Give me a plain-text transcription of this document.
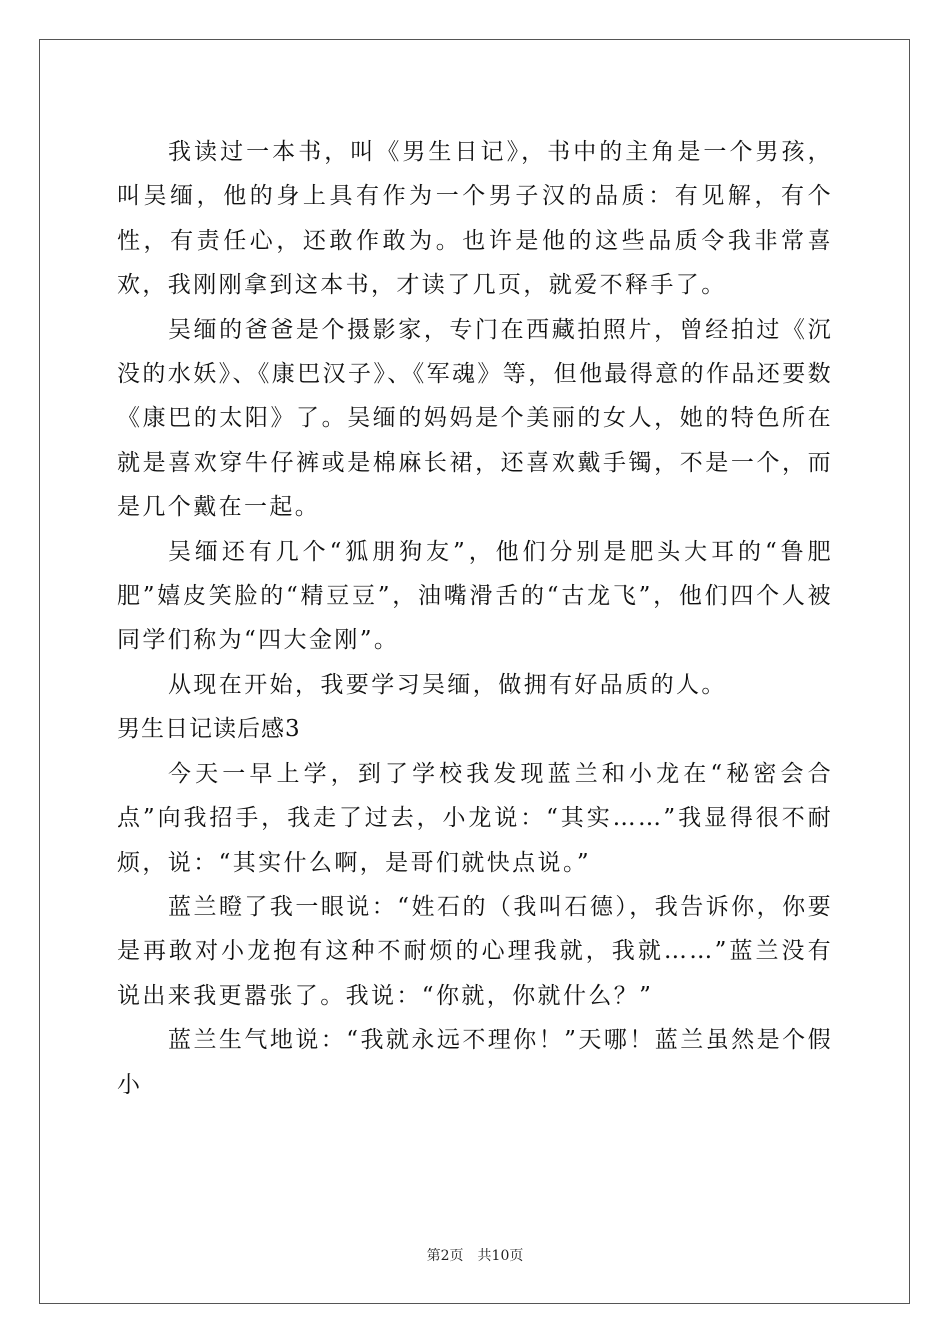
我读过一本书，叫《男生日记》，书中的主角是一个男孩，叫吴缅，他的身上具有作为一个男子汉的品质：有见解，有个性，有责任心，还敢作敢为。也许是他的这些品质令我非常喜欢，我刚刚拿到这本书，才读了几页，就爱不释手了。

吴缅的爸爸是个摄影家，专门在西藏拍照片，曾经拍过《沉没的水妖》、《康巴汉子》、《军魂》等，但他最得意的作品还要数《康巴的太阳》了。吴缅的妈妈是个美丽的女人，她的特色所在就是喜欢穿牛仔裤或是棉麻长裙，还喜欢戴手镯，不是一个，而是几个戴在一起。

吴缅还有几个“狐朋狗友”，他们分别是肥头大耳的“鲁肥肥”嬉皮笑脸的“精豆豆”，油嘴滑舌的“古龙飞”，他们四个人被同学们称为“四大金刚”。

从现在开始，我要学习吴缅，做拥有好品质的人。

男生日记读后感3

今天一早上学，到了学校我发现蓝兰和小龙在“秘密会合点”向我招手，我走了过去，小龙说：“其实……”我显得很不耐烦，说：“其实什么啊，是哥们就快点说。”

蓝兰瞪了我一眼说：“姓石的（我叫石德），我告诉你，你要是再敢对小龙抱有这种不耐烦的心理我就，我就……”蓝兰没有说出来我更嚣张了。我说：“你就，你就什么？”

蓝兰生气地说：“我就永远不理你！”天哪！蓝兰虽然是个假小

第2页 共10页
